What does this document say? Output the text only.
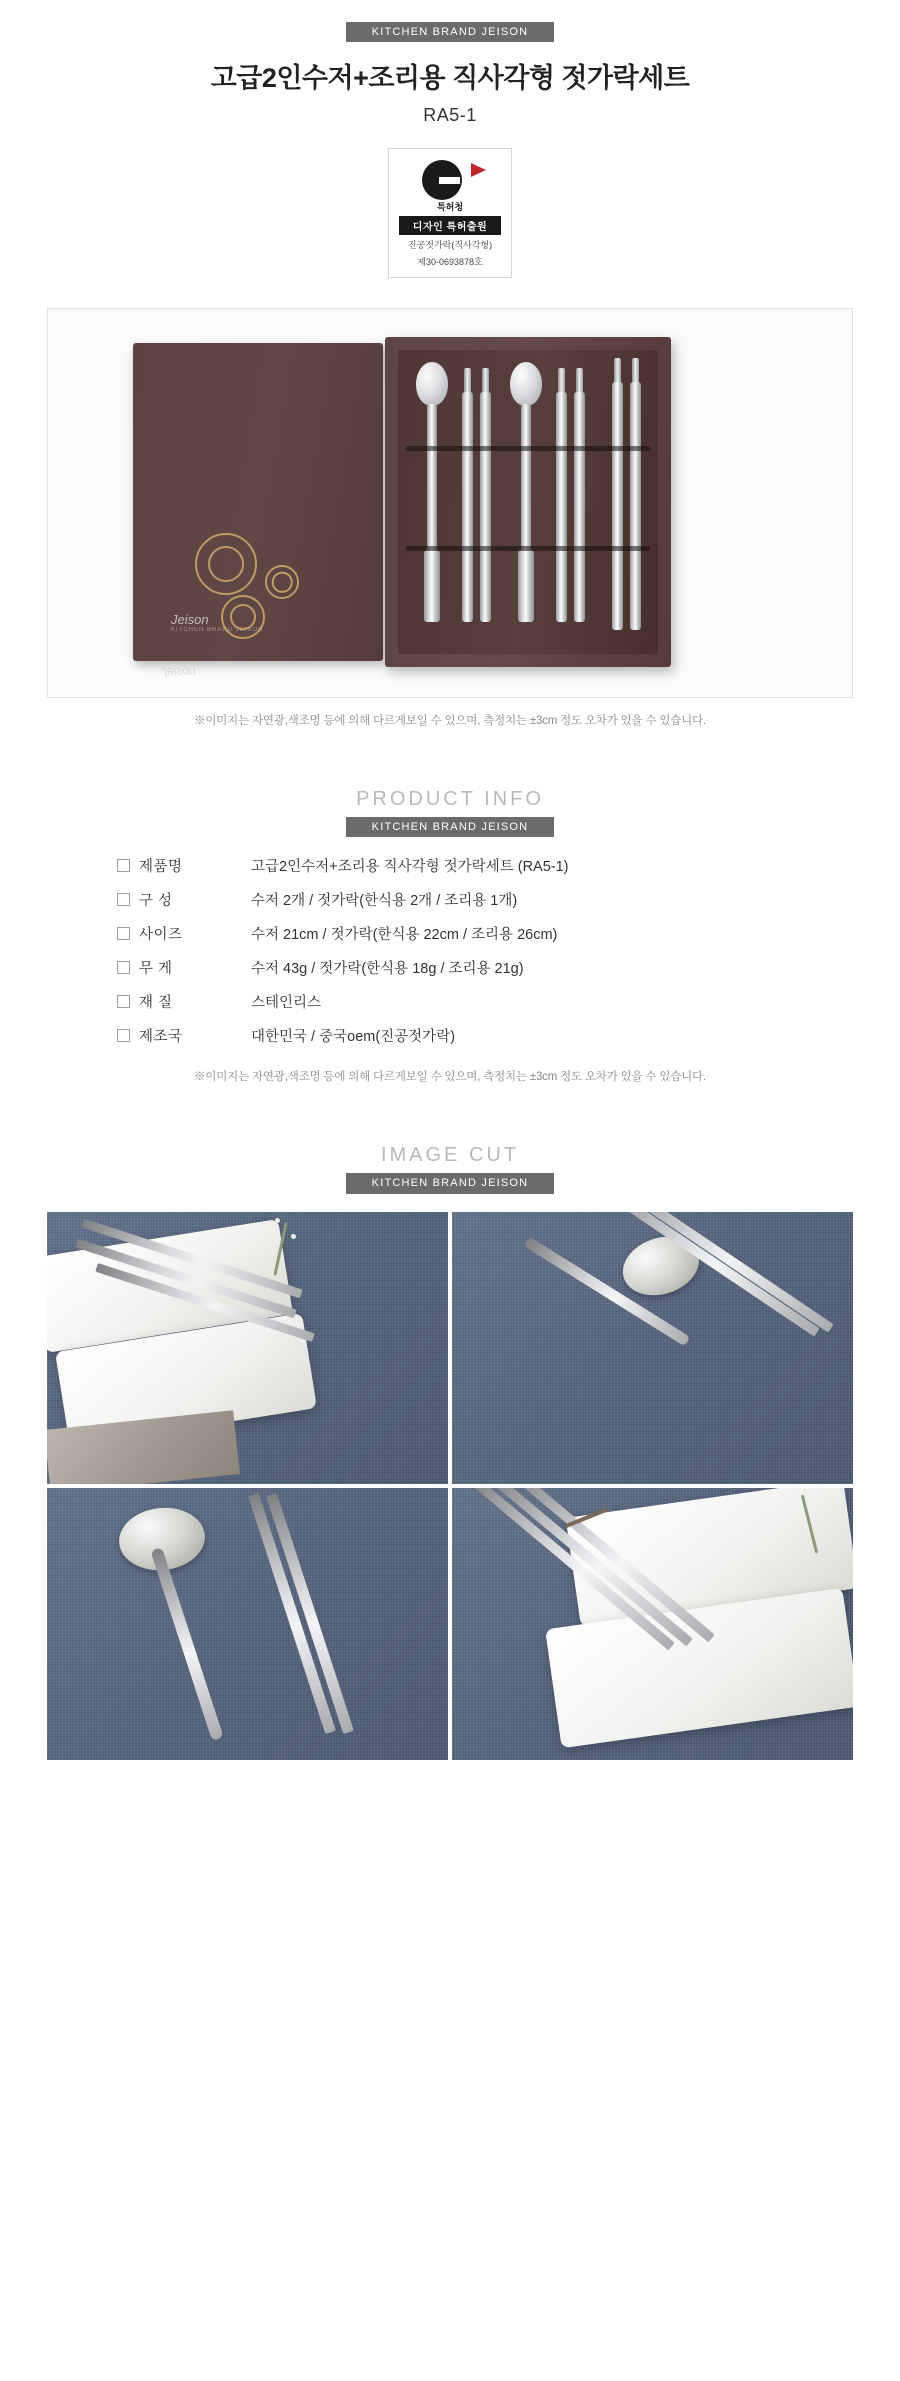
KITCHEN BRAND JEISON
고급2인수저+조리용 직사각형 젓가락세트
RA5-1
특허청
디자인 특허출원
진공젓가락(직사각형)
제30-0693878호
Jeison
KITCHEN BRAND JEISON
Jeison
※이미지는 자연광,색조명 등에 의해 다르게보일 수 있으며, 측정치는 ±3cm 정도 오차가 있을 수 있습니다.
PRODUCT INFO
KITCHEN BRAND JEISON
제품명	고급2인수저+조리용 직사각형 젓가락세트 (RA5-1)
구 성	수저 2개 / 젓가락(한식용 2개 / 조리용 1개)
사이즈	수저 21cm / 젓가락(한식용 22cm / 조리용 26cm)
무 게	수저 43g / 젓가락(한식용 18g / 조리용 21g)
재 질	스테인리스
제조국	대한민국 / 중국oem(진공젓가락)
※이미지는 자연광,색조명 등에 의해 다르게보일 수 있으며, 측정치는 ±3cm 정도 오차가 있을 수 있습니다.
IMAGE CUT
KITCHEN BRAND JEISON
